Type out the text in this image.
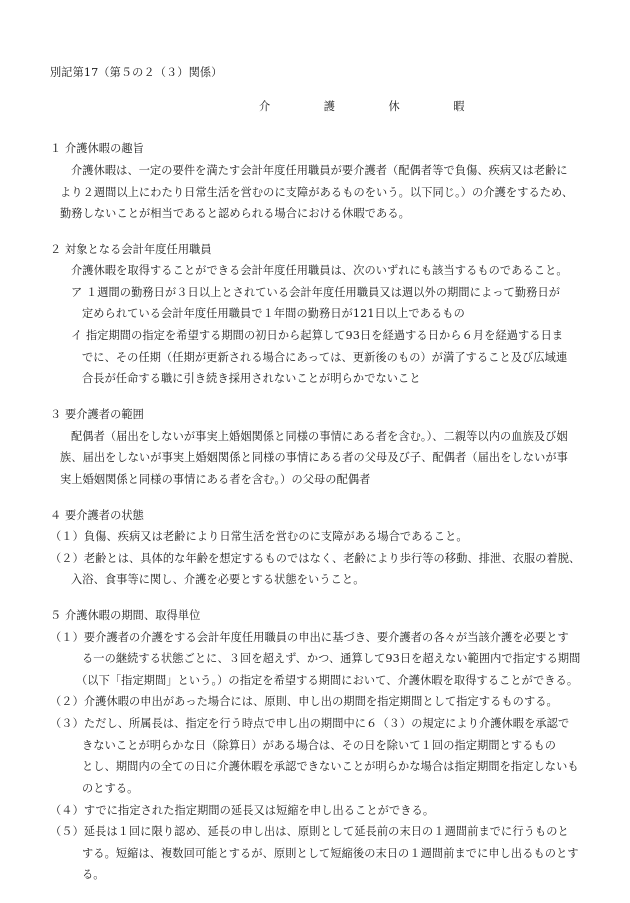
別記第17（第５の２（３）関係）
介 護 休 暇
１ 介護休暇の趣旨
介護休暇は、一定の要件を満たす会計年度任用職員が要介護者（配偶者等で負傷、疾病又は老齢に
より２週間以上にわたり日常生活を営むのに支障があるものをいう。以下同じ。）の介護をするため、
勤務しないことが相当であると認められる場合における休暇である。
２ 対象となる会計年度任用職員
介護休暇を取得することができる会計年度任用職員は、次のいずれにも該当するものであること。
ア １週間の勤務日が３日以上とされている会計年度任用職員又は週以外の期間によって勤務日が
定められている会計年度任用職員で１年間の勤務日が121日以上であるもの
イ 指定期間の指定を希望する期間の初日から起算して93日を経過する日から６月を経過する日ま
でに、その任期（任期が更新される場合にあっては、更新後のもの）が満了すること及び広域連
合長が任命する職に引き続き採用されないことが明らかでないこと
３ 要介護者の範囲
配偶者（届出をしないが事実上婚姻関係と同様の事情にある者を含む。）、二親等以内の血族及び姻
族、届出をしないが事実上婚姻関係と同様の事情にある者の父母及び子、配偶者（届出をしないが事
実上婚姻関係と同様の事情にある者を含む。）の父母の配偶者
４ 要介護者の状態
（１）負傷、疾病又は老齢により日常生活を営むのに支障がある場合であること。
（２）老齢とは、具体的な年齢を想定するものではなく、老齢により歩行等の移動、排泄、衣服の着脱、
入浴、食事等に関し、介護を必要とする状態をいうこと。
５ 介護休暇の期間、取得単位
（１）要介護者の介護をする会計年度任用職員の申出に基づき、要介護者の各々が当該介護を必要とす
る一の継続する状態ごとに、３回を超えず、かつ、通算して93日を超えない範囲内で指定する期間
（以下「指定期間」という。）の指定を希望する期間において、介護休暇を取得することができる。
（２）介護休暇の申出があった場合には、原則、申し出の期間を指定期間として指定するものする。
（３）ただし、所属長は、指定を行う時点で申し出の期間中に６（３）の規定により介護休暇を承認で
きないことが明らかな日（除算日）がある場合は、その日を除いて１回の指定期間とするもの
とし、期間内の全ての日に介護休暇を承認できないことが明らかな場合は指定期間を指定しないも
のとする。
（４）すでに指定された指定期間の延長又は短縮を申し出ることができる。
（５）延長は１回に限り認め、延長の申し出は、原則として延長前の末日の１週間前までに行うものと
する。短縮は、複数回可能とするが、原則として短縮後の末日の１週間前までに申し出るものとす
る。
